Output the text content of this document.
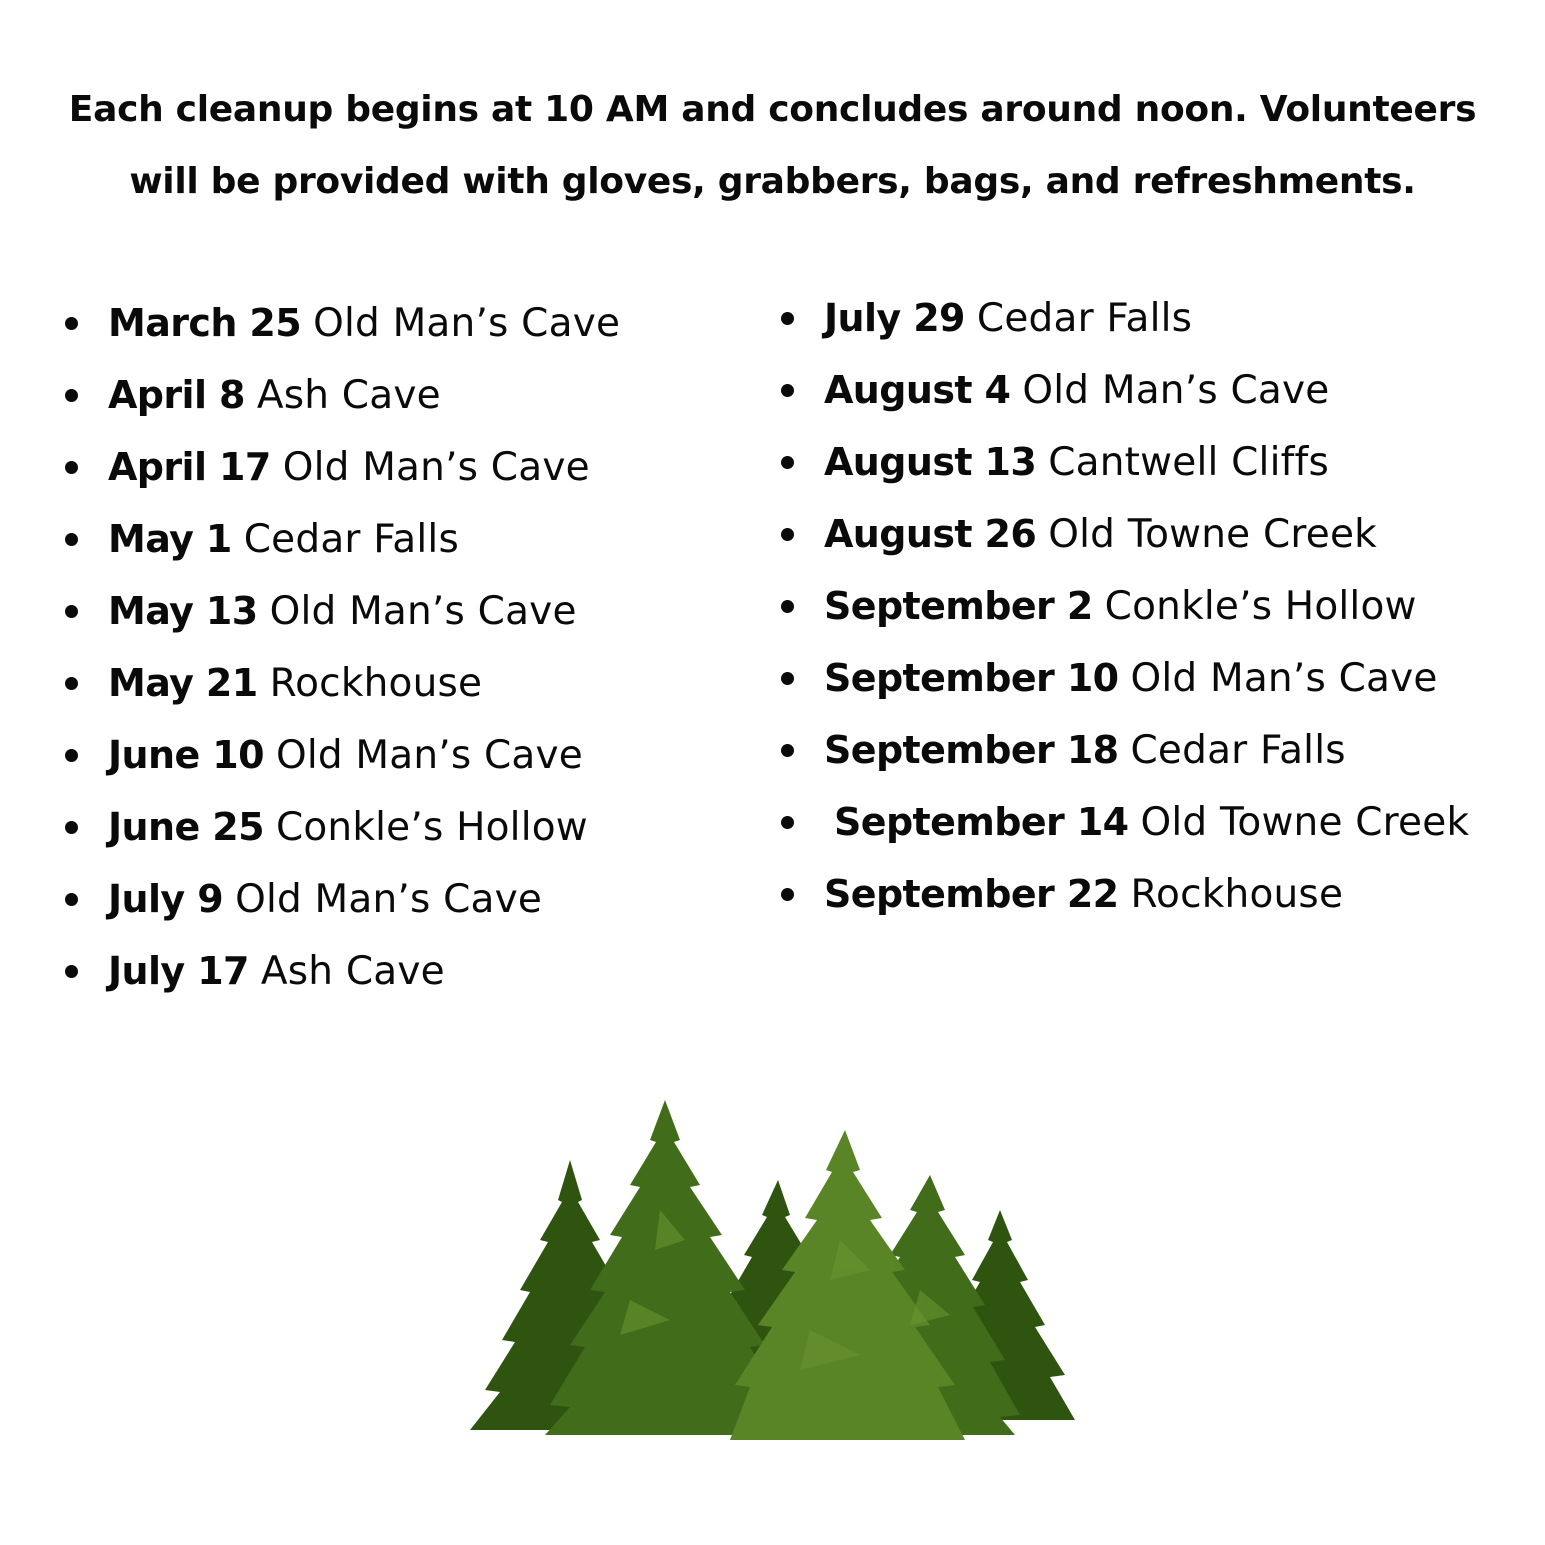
Each cleanup begins at 10 AM and concludes around noon. Volunteers
will be provided with gloves, grabbers, bags, and refreshments.
March 25 Old Man’s Cave
April 8 Ash Cave
April 17 Old Man’s Cave
May 1 Cedar Falls
May 13 Old Man’s Cave
May 21 Rockhouse
June 10 Old Man’s Cave
June 25 Conkle’s Hollow
July 9 Old Man’s Cave
July 17 Ash Cave
July 29 Cedar Falls
August 4 Old Man’s Cave
August 13 Cantwell Cliffs
August 26 Old Towne Creek
September 2 Conkle’s Hollow
September 10 Old Man’s Cave
September 18 Cedar Falls
September 14 Old Towne Creek
September 22 Rockhouse
